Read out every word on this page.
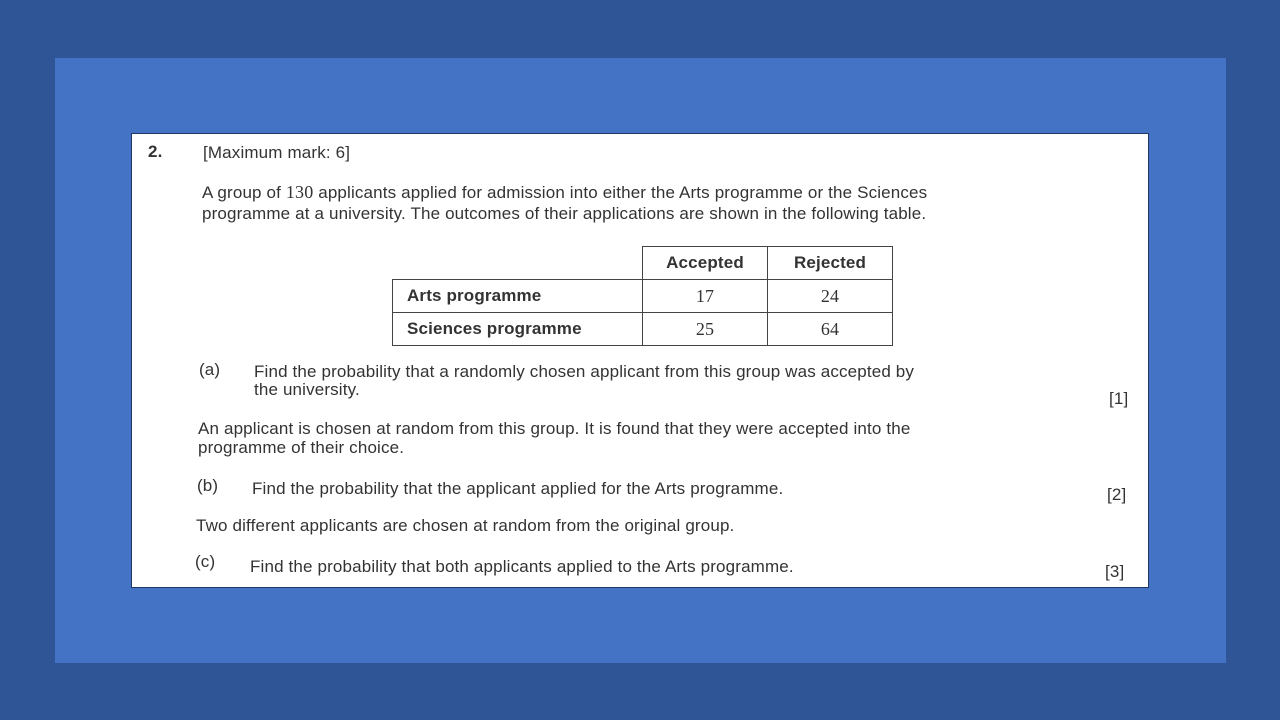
2. [Maximum mark: 6]
A group of 130 applicants applied for admission into either the Arts programme or the Sciences
programme at a university. The outcomes of their applications are shown in the following table.
	Accepted	Rejected
Arts programme	17	24
Sciences programme	25	64
(a) Find the probability that a randomly chosen applicant from this group was accepted by
the university.	[1]
An applicant is chosen at random from this group. It is found that they were accepted into the
programme of their choice.
(b) Find the probability that the applicant applied for the Arts programme.	[2]
Two different applicants are chosen at random from the original group.
(c) Find the probability that both applicants applied to the Arts programme.	[3]
